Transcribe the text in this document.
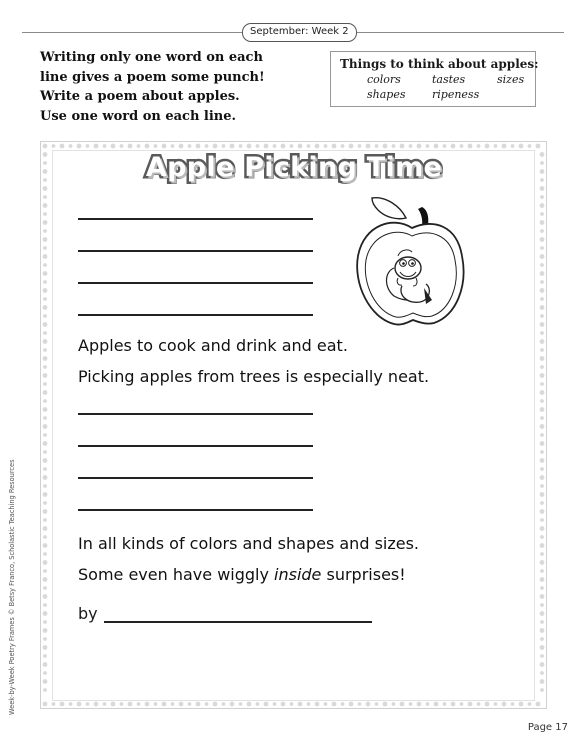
September: Week 2
Writing only one word on each
line gives a poem some punch!
Write a poem about apples.
Use one word on each line.
Things to think about apples:
colors	tastes	sizes
shapes ripeness
Apple Picking Time
Apples to cook and drink and eat.
Picking apples from trees is especially neat.
In all kinds of colors and shapes and sizes.
Some even have wiggly inside surprises!
by
Week-by-Week Poetry Frames © Betsy Franco, Scholastic Teaching Resources
Page 17
